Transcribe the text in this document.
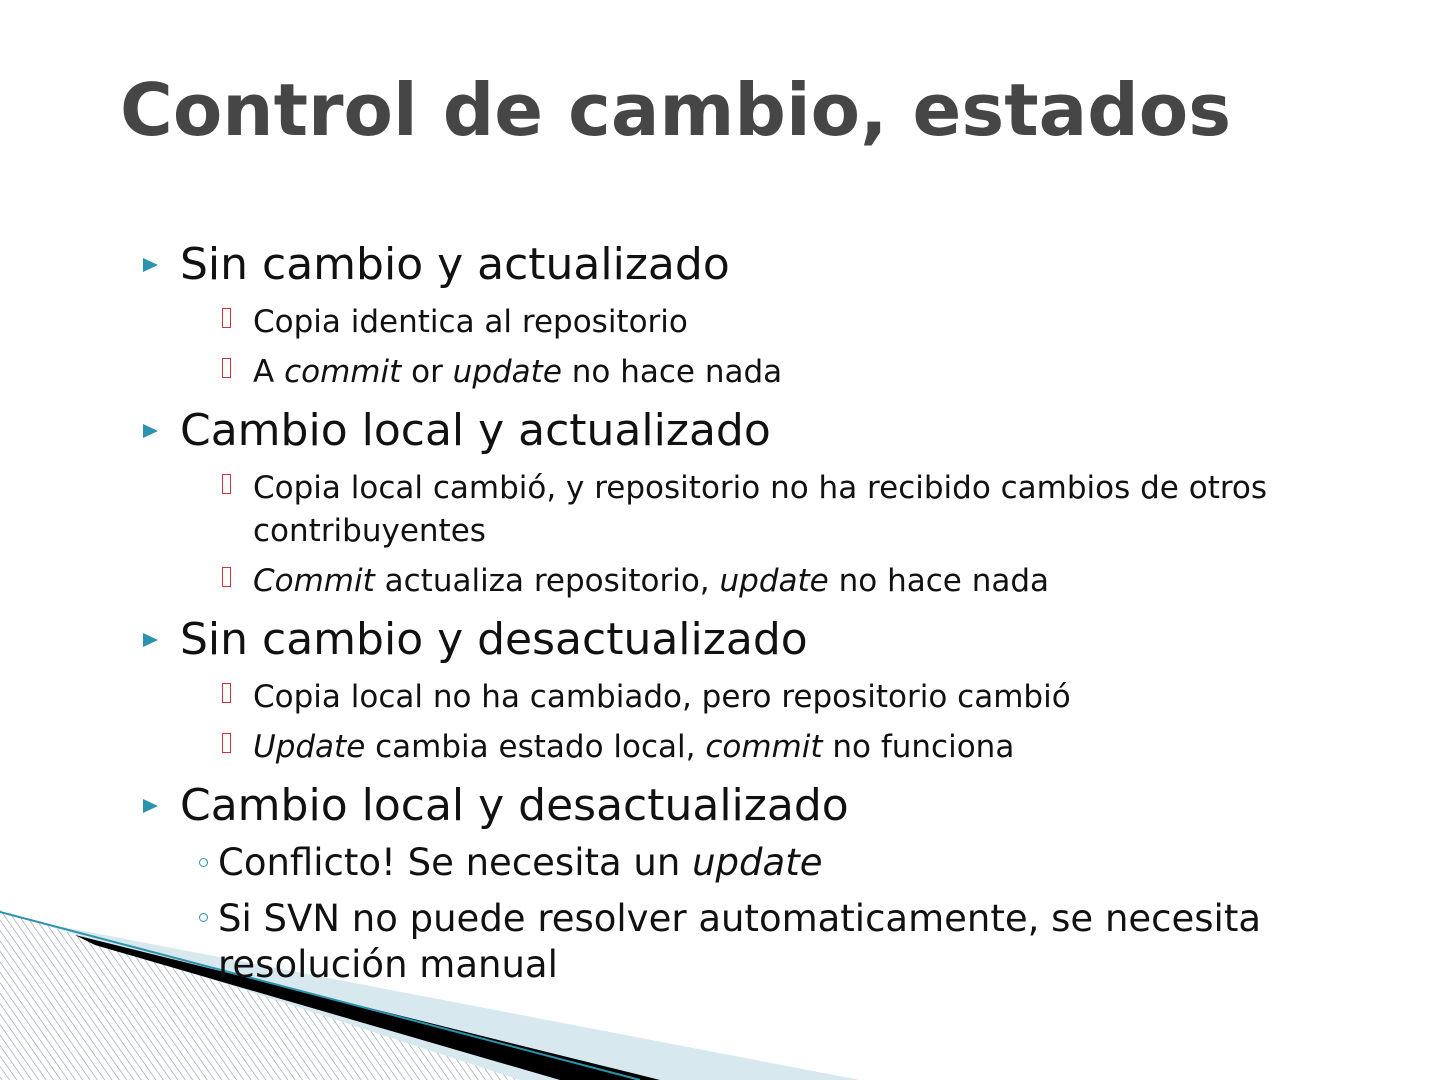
Control de cambio, estados
Sin cambio y actualizado
Copia identica al repositorio
A commit or update no hace nada
Cambio local y actualizado
Copia local cambió, y repositorio no ha recibido cambios de otros contribuyentes
Commit actualiza repositorio, update no hace nada
Sin cambio y desactualizado
Copia local no ha cambiado, pero repositorio cambió
Update cambia estado local, commit no funciona
Cambio local y desactualizado
Conflicto! Se necesita un update
Si SVN no puede resolver automaticamente, se necesita resolución manual
